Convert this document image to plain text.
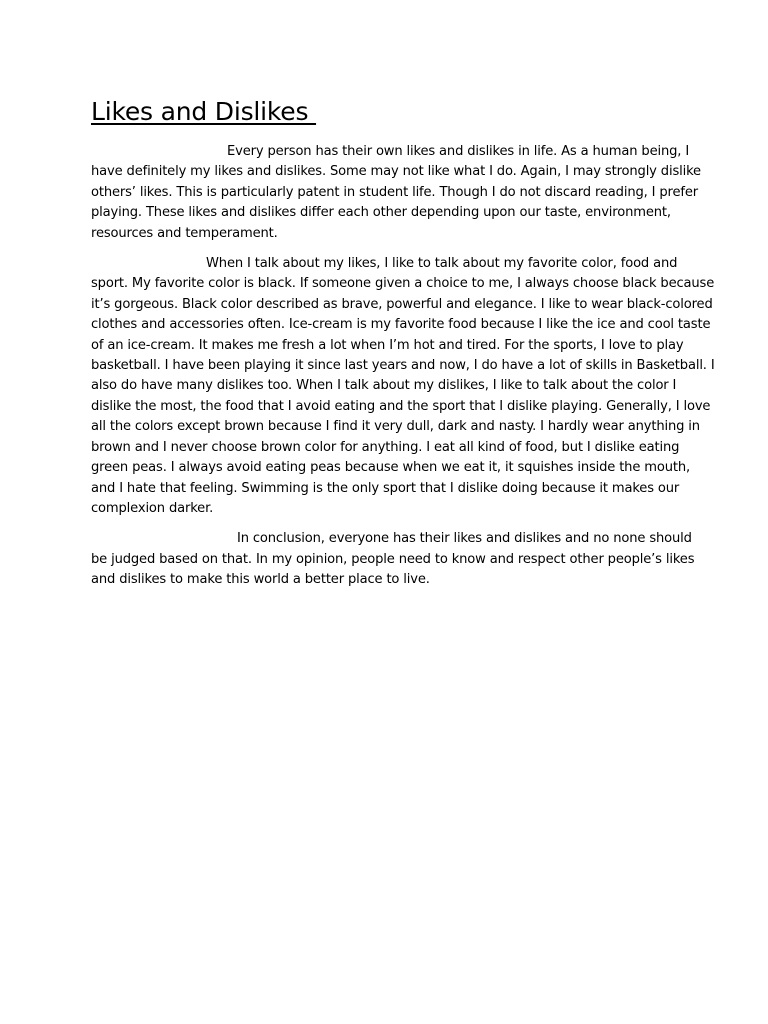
Likes and Dislikes

Every person has their own likes and dislikes in life. As a human being, I
have definitely my likes and dislikes. Some may not like what I do. Again, I may strongly dislike
others’ likes. This is particularly patent in student life. Though I do not discard reading, I prefer
playing. These likes and dislikes differ each other depending upon our taste, environment,
resources and temperament.

When I talk about my likes, I like to talk about my favorite color, food and
sport. My favorite color is black. If someone given a choice to me, I always choose black because
it’s gorgeous. Black color described as brave, powerful and elegance. I like to wear black-colored
clothes and accessories often. Ice-cream is my favorite food because I like the ice and cool taste
of an ice-cream. It makes me fresh a lot when I’m hot and tired. For the sports, I love to play
basketball. I have been playing it since last years and now, I do have a lot of skills in Basketball. I
also do have many dislikes too. When I talk about my dislikes, I like to talk about the color I
dislike the most, the food that I avoid eating and the sport that I dislike playing. Generally, I love
all the colors except brown because I find it very dull, dark and nasty. I hardly wear anything in
brown and I never choose brown color for anything. I eat all kind of food, but I dislike eating
green peas. I always avoid eating peas because when we eat it, it squishes inside the mouth,
and I hate that feeling. Swimming is the only sport that I dislike doing because it makes our
complexion darker.

In conclusion, everyone has their likes and dislikes and no none should
be judged based on that. In my opinion, people need to know and respect other people’s likes
and dislikes to make this world a better place to live.
